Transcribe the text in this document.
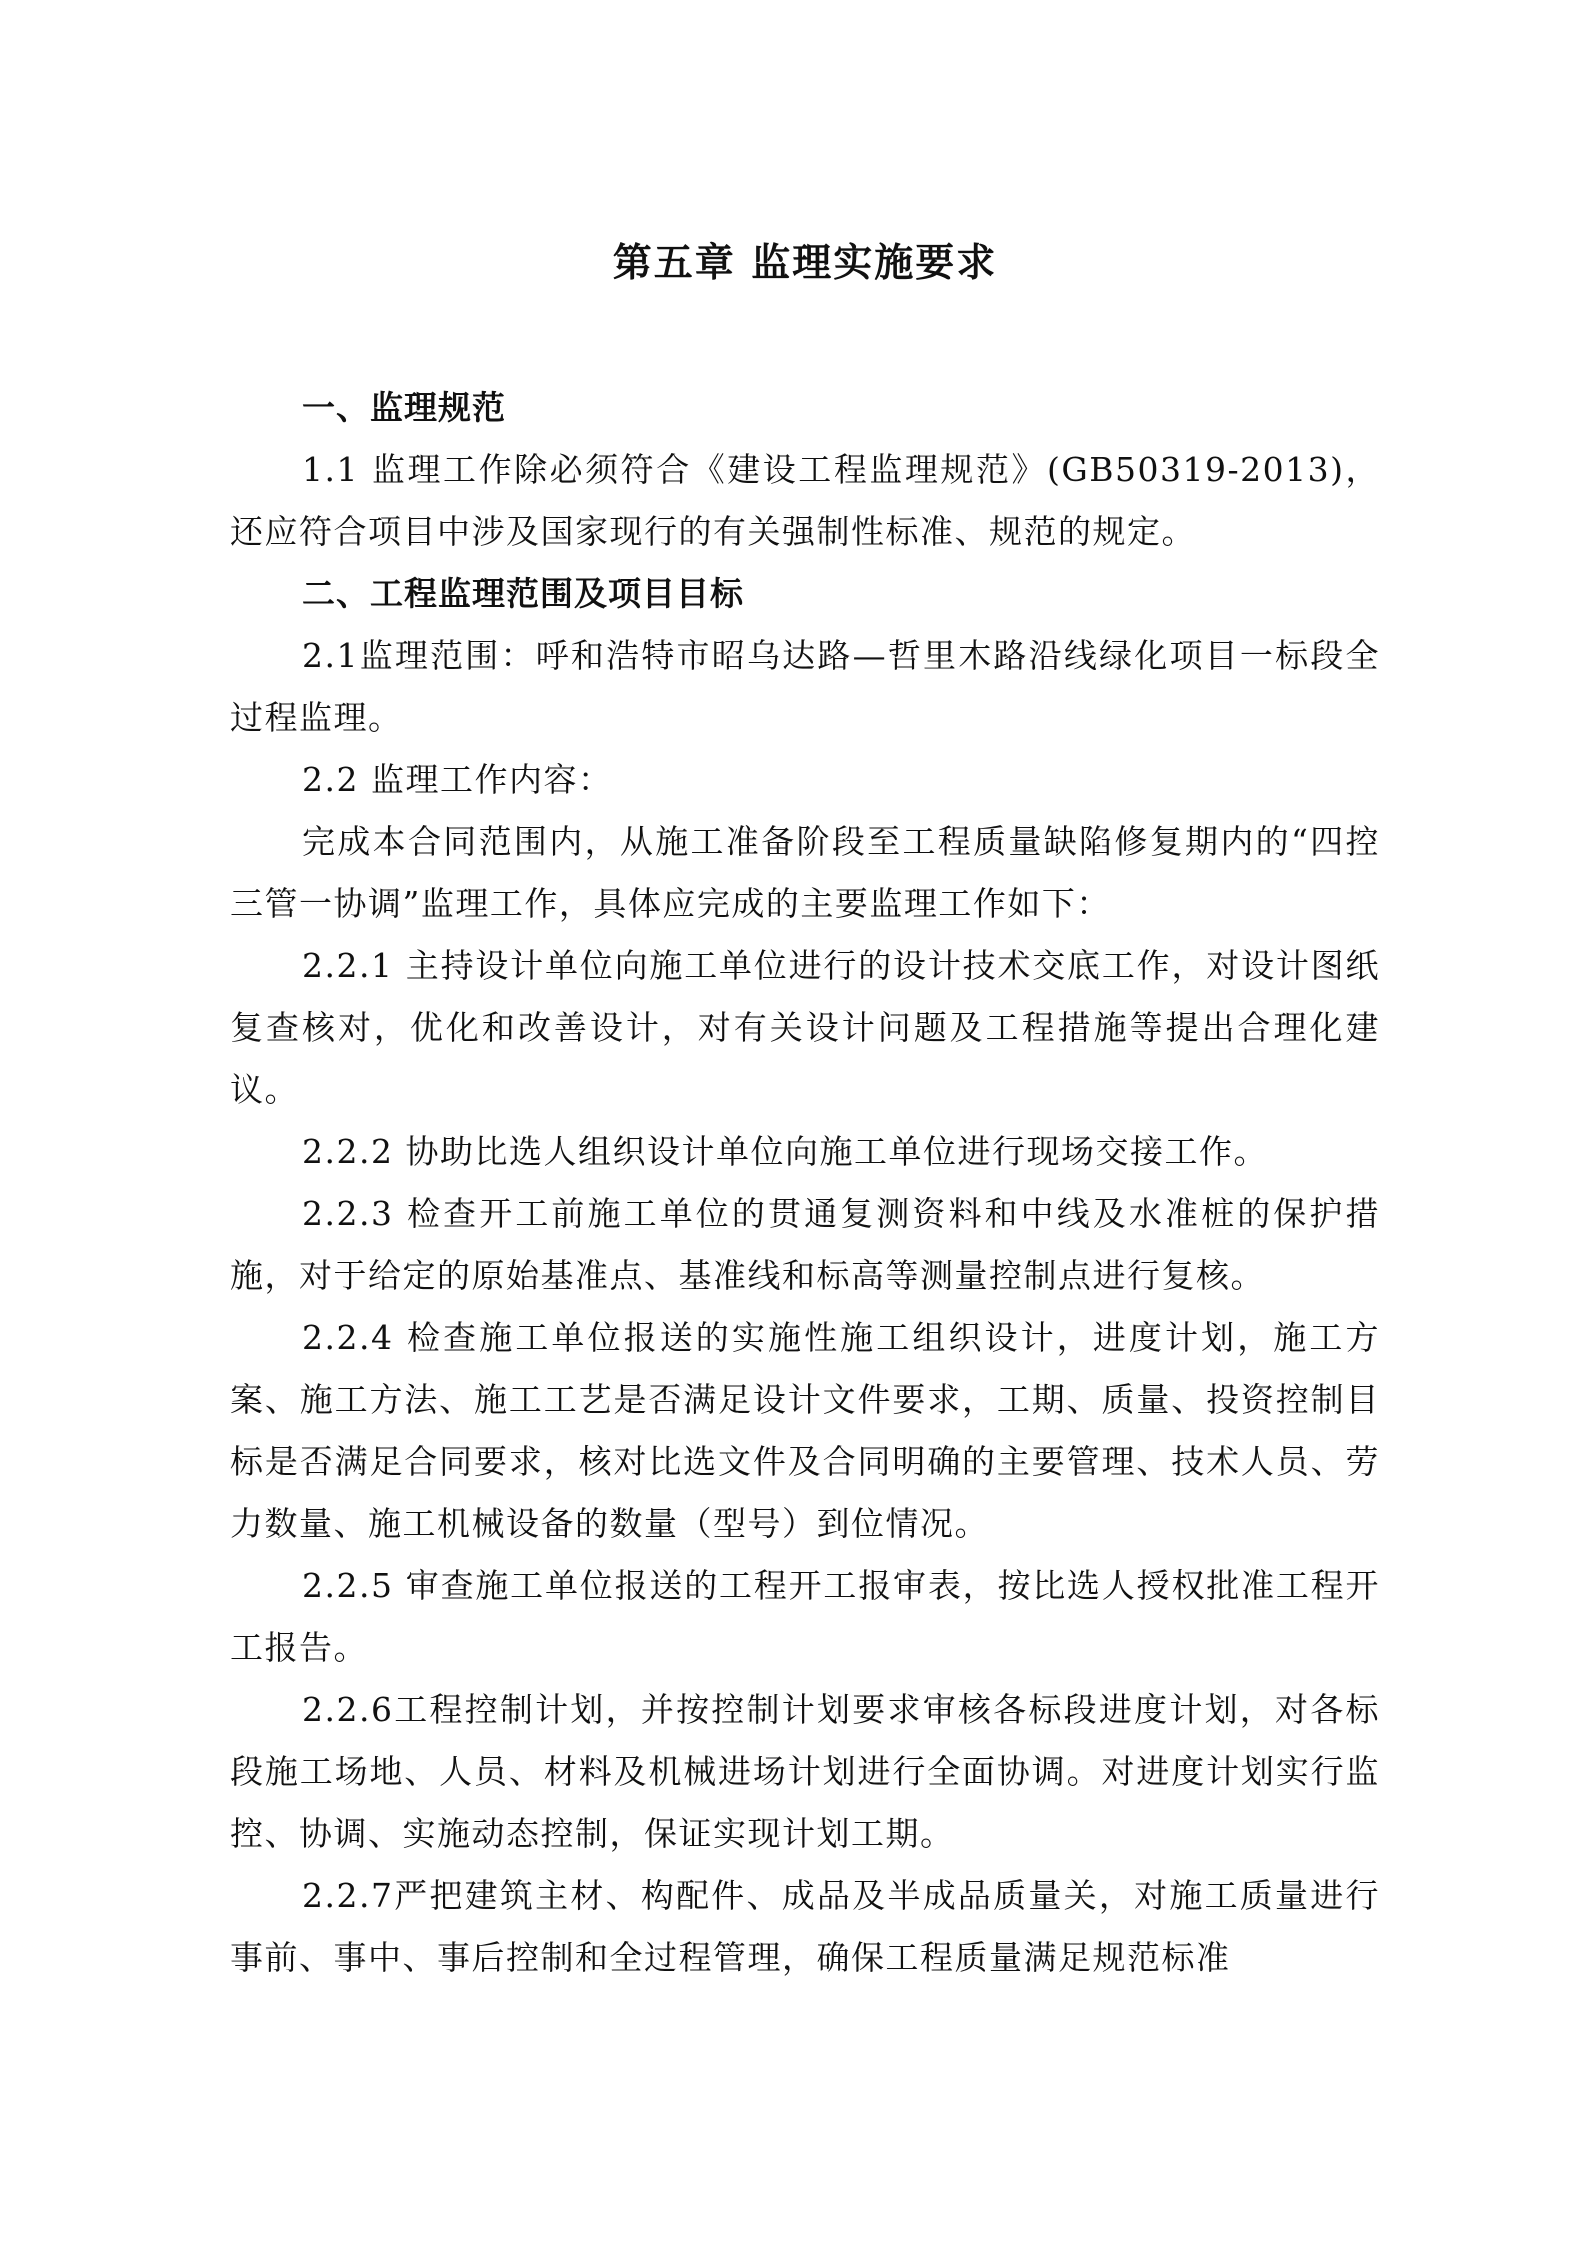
第五章 监理实施要求

一、监理规范

1.1 监理工作除必须符合《建设工程监理规范》(GB50319-2013)，还应符合项目中涉及国家现行的有关强制性标准、规范的规定。

二、工程监理范围及项目目标

2.1监理范围：呼和浩特市昭乌达路—哲里木路沿线绿化项目一标段全过程监理。

2.2 监理工作内容：

完成本合同范围内，从施工准备阶段至工程质量缺陷修复期内的“四控三管一协调”监理工作，具体应完成的主要监理工作如下：

2.2.1 主持设计单位向施工单位进行的设计技术交底工作，对设计图纸复查核对，优化和改善设计，对有关设计问题及工程措施等提出合理化建议。

2.2.2 协助比选人组织设计单位向施工单位进行现场交接工作。

2.2.3 检查开工前施工单位的贯通复测资料和中线及水准桩的保护措施，对于给定的原始基准点、基准线和标高等测量控制点进行复核。

2.2.4 检查施工单位报送的实施性施工组织设计，进度计划，施工方案、施工方法、施工工艺是否满足设计文件要求，工期、质量、投资控制目标是否满足合同要求，核对比选文件及合同明确的主要管理、技术人员、劳力数量、施工机械设备的数量（型号）到位情况。

2.2.5 审查施工单位报送的工程开工报审表，按比选人授权批准工程开工报告。

2.2.6工程控制计划，并按控制计划要求审核各标段进度计划，对各标段施工场地、人员、材料及机械进场计划进行全面协调。对进度计划实行监控、协调、实施动态控制，保证实现计划工期。

2.2.7严把建筑主材、构配件、成品及半成品质量关，对施工质量进行事前、事中、事后控制和全过程管理，确保工程质量满足规范标准
